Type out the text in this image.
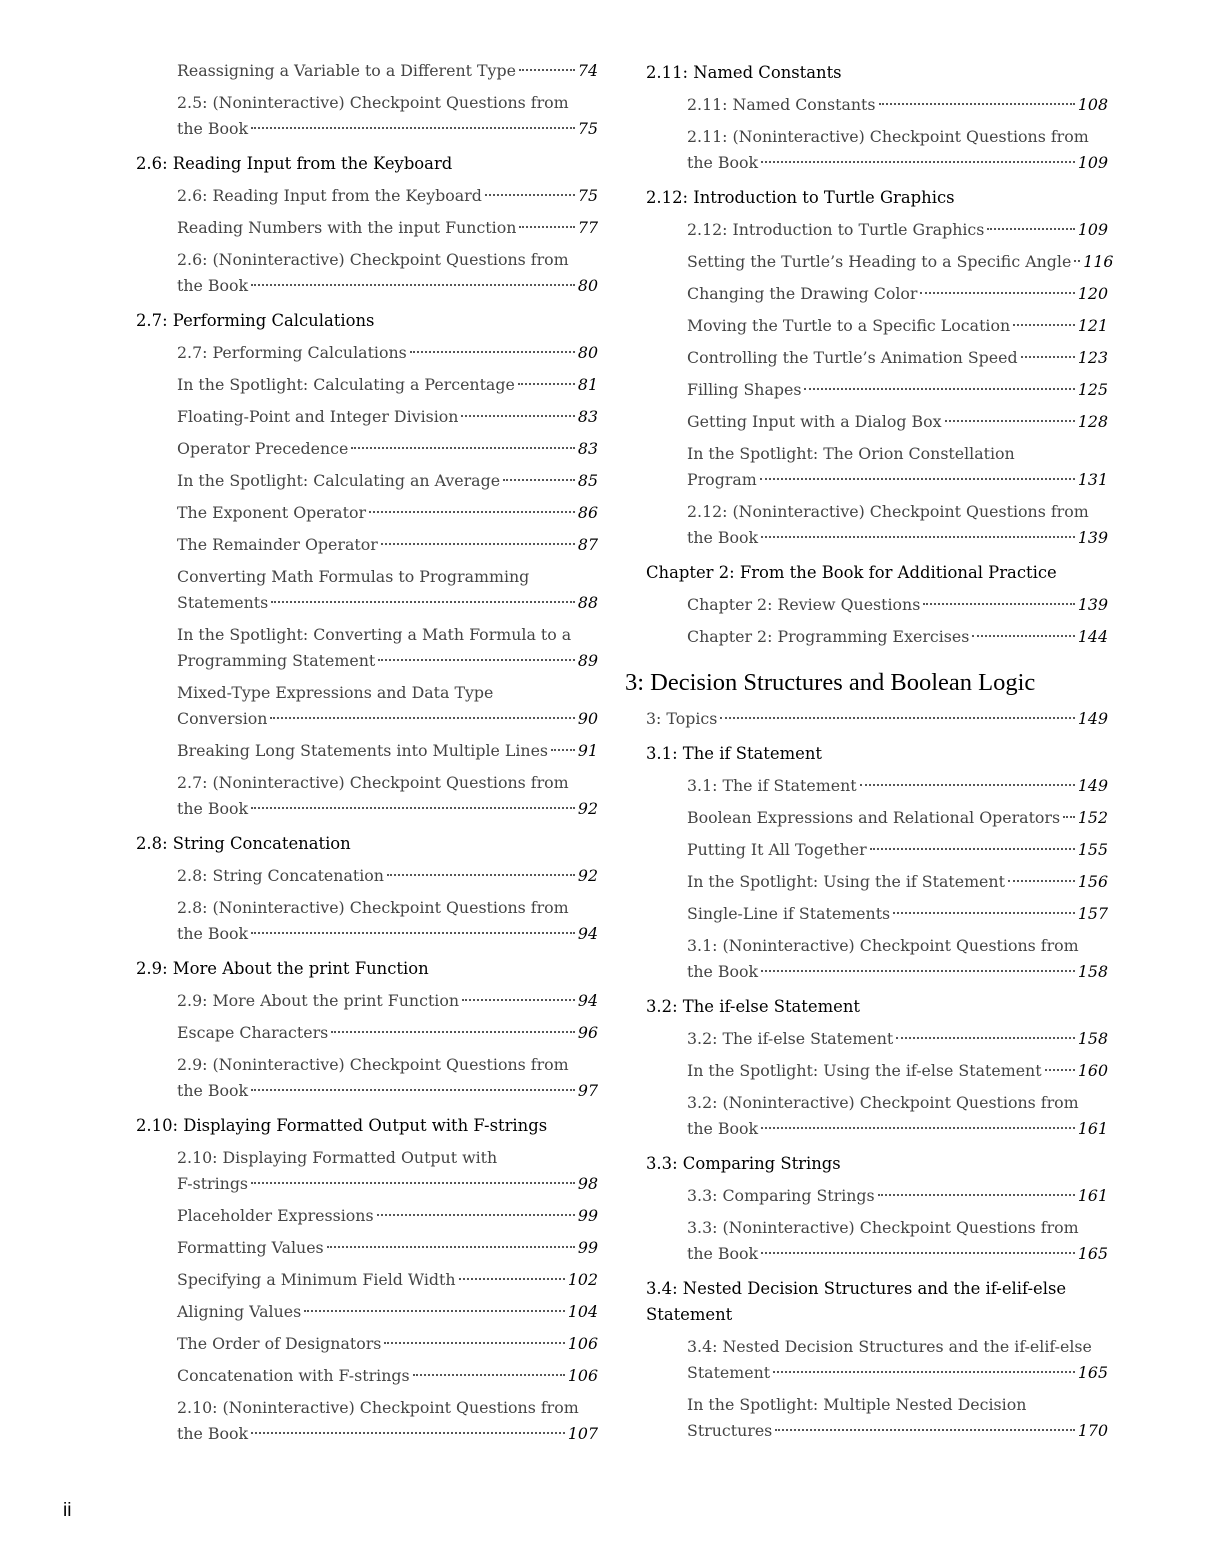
Reassigning a Variable to a Different Type	74
2.5: (Noninteractive) Checkpoint Questions from
the Book	75
2.6: Reading Input from the Keyboard
2.6: Reading Input from the Keyboard	75
Reading Numbers with the input Function	77
2.6: (Noninteractive) Checkpoint Questions from
the Book	80
2.7: Performing Calculations
2.7: Performing Calculations	80
In the Spotlight: Calculating a Percentage	81
Floating-Point and Integer Division	83
Operator Precedence	83
In the Spotlight: Calculating an Average	85
The Exponent Operator	86
The Remainder Operator	87
Converting Math Formulas to Programming
Statements	88
In the Spotlight: Converting a Math Formula to a
Programming Statement	89
Mixed-Type Expressions and Data Type
Conversion	90
Breaking Long Statements into Multiple Lines 91
2.7: (Noninteractive) Checkpoint Questions from
the Book	92
2.8: String Concatenation
2.8: String Concatenation	92
2.8: (Noninteractive) Checkpoint Questions from
the Book	94
2.9: More About the print Function
2.9: More About the print Function	94
Escape Characters	96
2.9: (Noninteractive) Checkpoint Questions from
the Book	97
2.10: Displaying Formatted Output with F-strings
2.10: Displaying Formatted Output with
F-strings	98
Placeholder Expressions	99
Formatting Values	99
Specifying a Minimum Field Width	102
Aligning Values	104
The Order of Designators	106
Concatenation with F-strings	106
2.10: (Noninteractive) Checkpoint Questions from
the Book	107
2.11: Named Constants
2.11: Named Constants	108
2.11: (Noninteractive) Checkpoint Questions from
the Book	109
2.12: Introduction to Turtle Graphics
2.12: Introduction to Turtle Graphics	109
Setting the Turtle’s Heading to a Specific Angle 116
Changing the Drawing Color	120
Moving the Turtle to a Specific Location	121
Controlling the Turtle’s Animation Speed	123
Filling Shapes	125
Getting Input with a Dialog Box	128
In the Spotlight: The Orion Constellation
Program	131
2.12: (Noninteractive) Checkpoint Questions from
the Book	139
Chapter 2: From the Book for Additional Practice
Chapter 2: Review Questions	139
Chapter 2: Programming Exercises	144
3: Decision Structures and Boolean Logic
3: Topics	149
3.1: The if Statement
3.1: The if Statement	149
Boolean Expressions and Relational Operators 152
Putting It All Together	155
In the Spotlight: Using the if Statement	156
Single-Line if Statements	157
3.1: (Noninteractive) Checkpoint Questions from
the Book	158
3.2: The if-else Statement
3.2: The if-else Statement	158
In the Spotlight: Using the if-else Statement 160
3.2: (Noninteractive) Checkpoint Questions from
the Book	161
3.3: Comparing Strings
3.3: Comparing Strings	161
3.3: (Noninteractive) Checkpoint Questions from
the Book	165
3.4: Nested Decision Structures and the if-elif-else Statement
3.4: Nested Decision Structures and the if-elif-else
Statement	165
In the Spotlight: Multiple Nested Decision
Structures	170
ii
